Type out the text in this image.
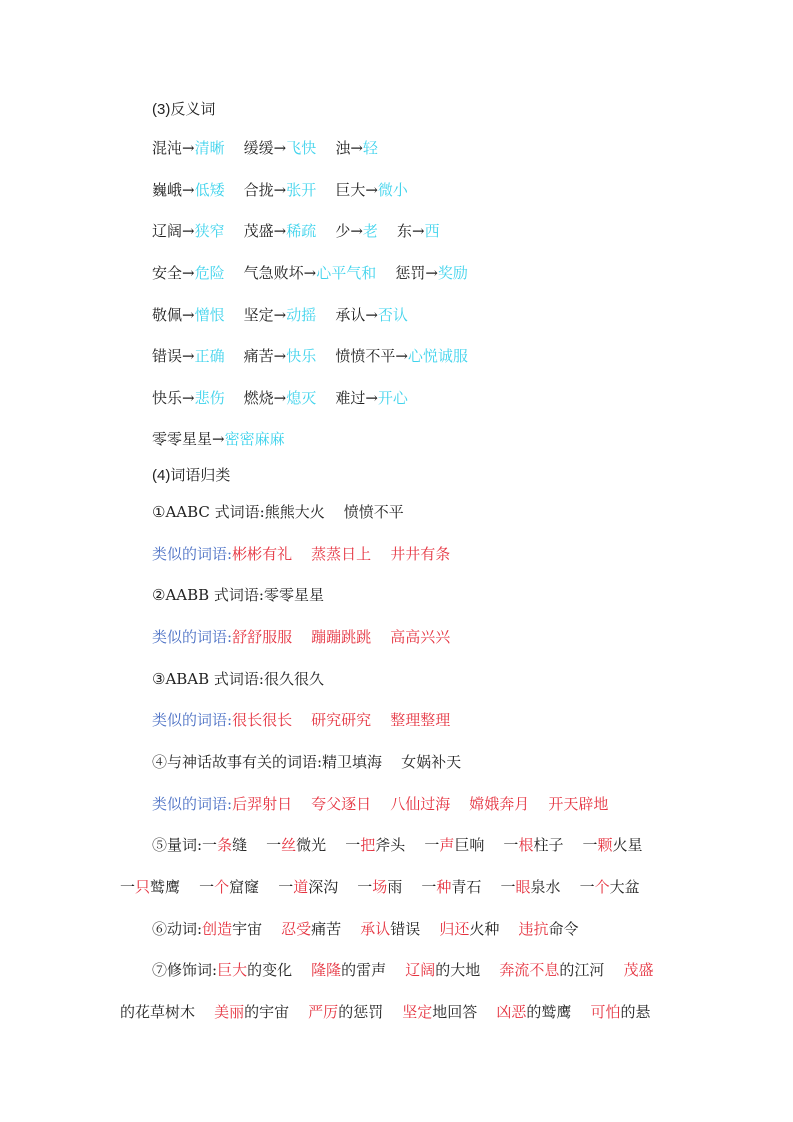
(3)反义词
混沌→清晰    缓缓→飞快    浊→轻
巍峨→低矮    合拢→张开    巨大→微小
辽阔→狭窄    茂盛→稀疏    少→老    东→西
安全→危险    气急败坏→心平气和    惩罚→奖励
敬佩→憎恨    坚定→动摇    承认→否认
错误→正确    痛苦→快乐    愤愤不平→心悦诚服
快乐→悲伤    燃烧→熄灭    难过→开心
零零星星→密密麻麻
(4)词语归类
①AABC 式词语:熊熊大火    愤愤不平
类似的词语:彬彬有礼    蒸蒸日上    井井有条
②AABB 式词语:零零星星
类似的词语:舒舒服服    蹦蹦跳跳    高高兴兴
③ABAB 式词语:很久很久
类似的词语:很长很长    研究研究    整理整理
④与神话故事有关的词语:精卫填海    女娲补天
类似的词语:后羿射日    夸父逐日    八仙过海    嫦娥奔月    开天辟地
⑤量词:一条缝    一丝微光    一把斧头    一声巨响    一根柱子    一颗火星
一只鹫鹰    一个窟窿    一道深沟    一场雨    一种青石    一眼泉水    一个大盆
⑥动词:创造宇宙    忍受痛苦    承认错误    归还火种    违抗命令
⑦修饰词:巨大的变化    隆隆的雷声    辽阔的大地    奔流不息的江河    茂盛
的花草树木    美丽的宇宙    严厉的惩罚    坚定地回答    凶恶的鹫鹰    可怕的悬
